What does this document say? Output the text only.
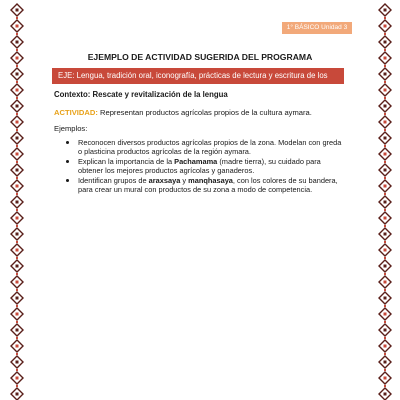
1° BÁSICO Unidad 3
EJEMPLO DE ACTIVIDAD SUGERIDA DEL PROGRAMA
EJE: Lengua, tradición oral, iconografía, prácticas de lectura y escritura de los
Contexto: Rescate y revitalización de la lengua
ACTIVIDAD: Representan productos agrícolas propios de la cultura aymara.
Ejemplos:
Reconocen diversos productos agrícolas propios de la zona. Modelan con greda o plasticina productos agrícolas de la región aymara.
Explican la importancia de la Pachamama (madre tierra), su cuidado para obtener los mejores productos agrícolas y ganaderos.
Identifican grupos de araxsaya y manqhasaya, con los colores de su bandera, para crear un mural con productos de su zona a modo de competencia.
